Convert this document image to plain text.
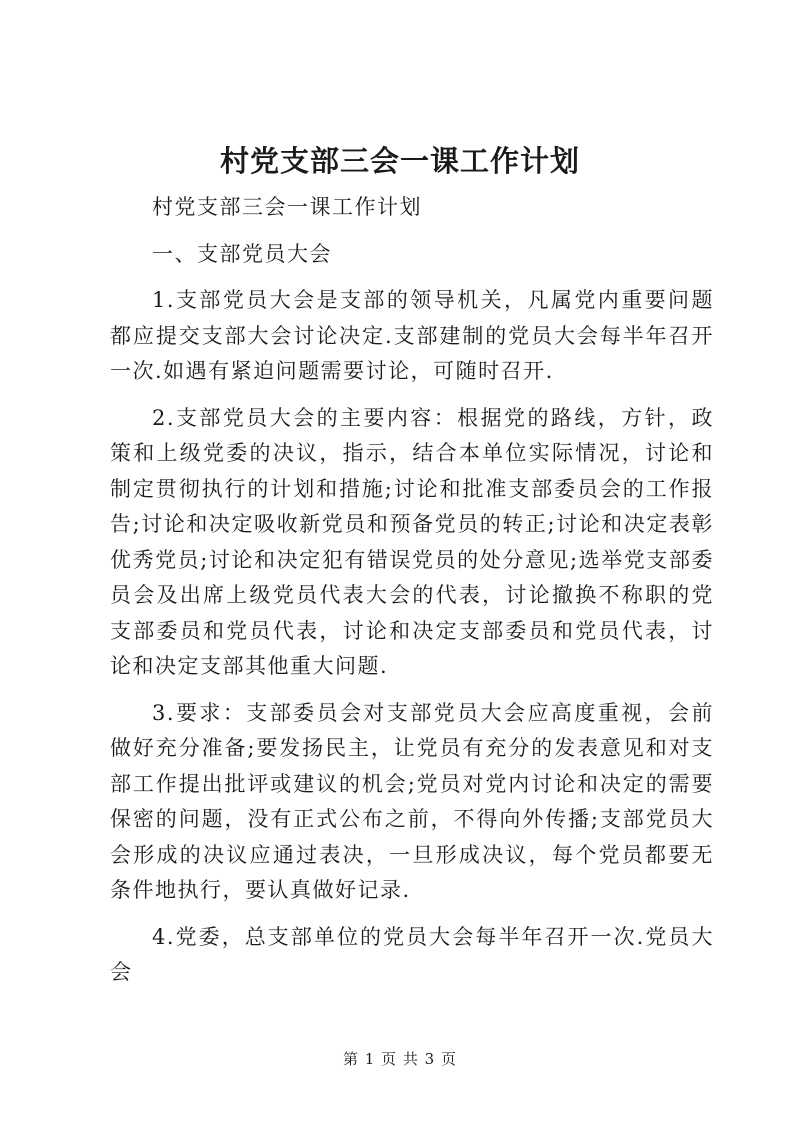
村党支部三会一课工作计划

村党支部三会一课工作计划

一、支部党员大会

1.支部党员大会是支部的领导机关，凡属党内重要问题都应提交支部大会讨论决定.支部建制的党员大会每半年召开一次.如遇有紧迫问题需要讨论，可随时召开.

2.支部党员大会的主要内容：根据党的路线，方针，政策和上级党委的决议，指示，结合本单位实际情况，讨论和制定贯彻执行的计划和措施;讨论和批准支部委员会的工作报告;讨论和决定吸收新党员和预备党员的转正;讨论和决定表彰优秀党员;讨论和决定犯有错误党员的处分意见;选举党支部委员会及出席上级党员代表大会的代表，讨论撤换不称职的党支部委员和党员代表，讨论和决定支部委员和党员代表，讨论和决定支部其他重大问题.

3.要求：支部委员会对支部党员大会应高度重视，会前做好充分准备;要发扬民主，让党员有充分的发表意见和对支部工作提出批评或建议的机会;党员对党内讨论和决定的需要保密的问题，没有正式公布之前，不得向外传播;支部党员大会形成的决议应通过表决，一旦形成决议，每个党员都要无条件地执行，要认真做好记录.

4.党委，总支部单位的党员大会每半年召开一次.党员大会

第 1 页 共 3 页
